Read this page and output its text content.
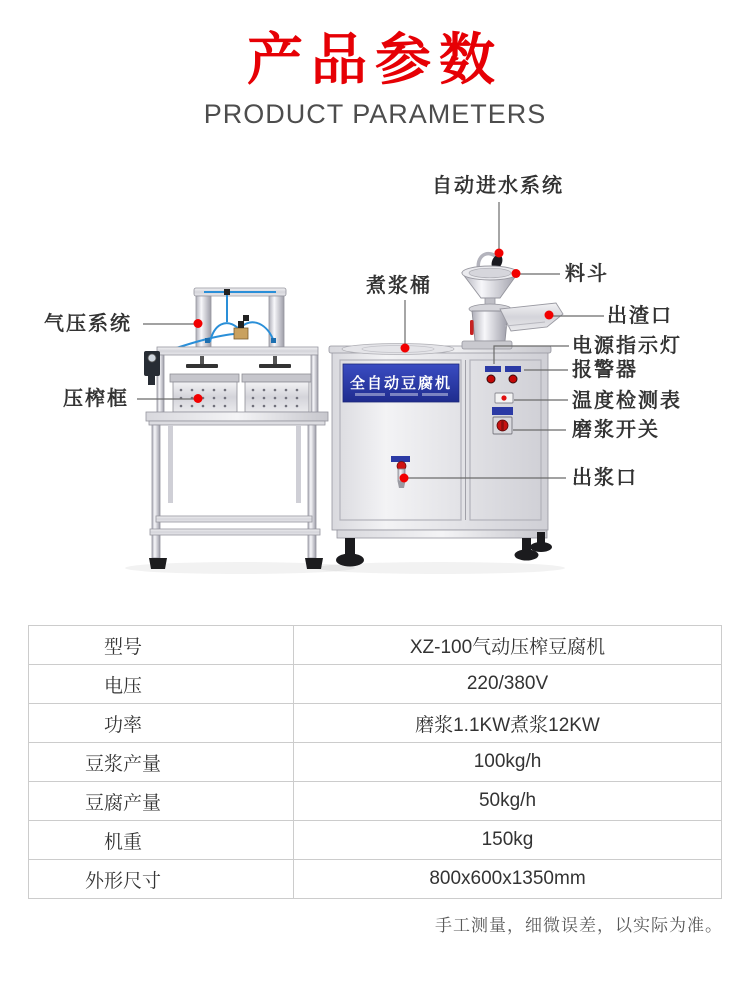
产品参数
PRODUCT PARAMETERS
全自动豆腐机
自动进水系统
煮浆桶
料斗
出渣口
气压系统
电源指示灯
报警器
压榨框	温度检测表
磨浆开关
出浆口
型号	XZ-100气动压榨豆腐机
电压	220/380V
功率	磨浆1.1KW煮浆12KW
豆浆产量	100kg/h
豆腐产量	50kg/h
机重	150kg
外形尺寸	800x600x1350mm
手工测量，细微误差，以实际为准。
